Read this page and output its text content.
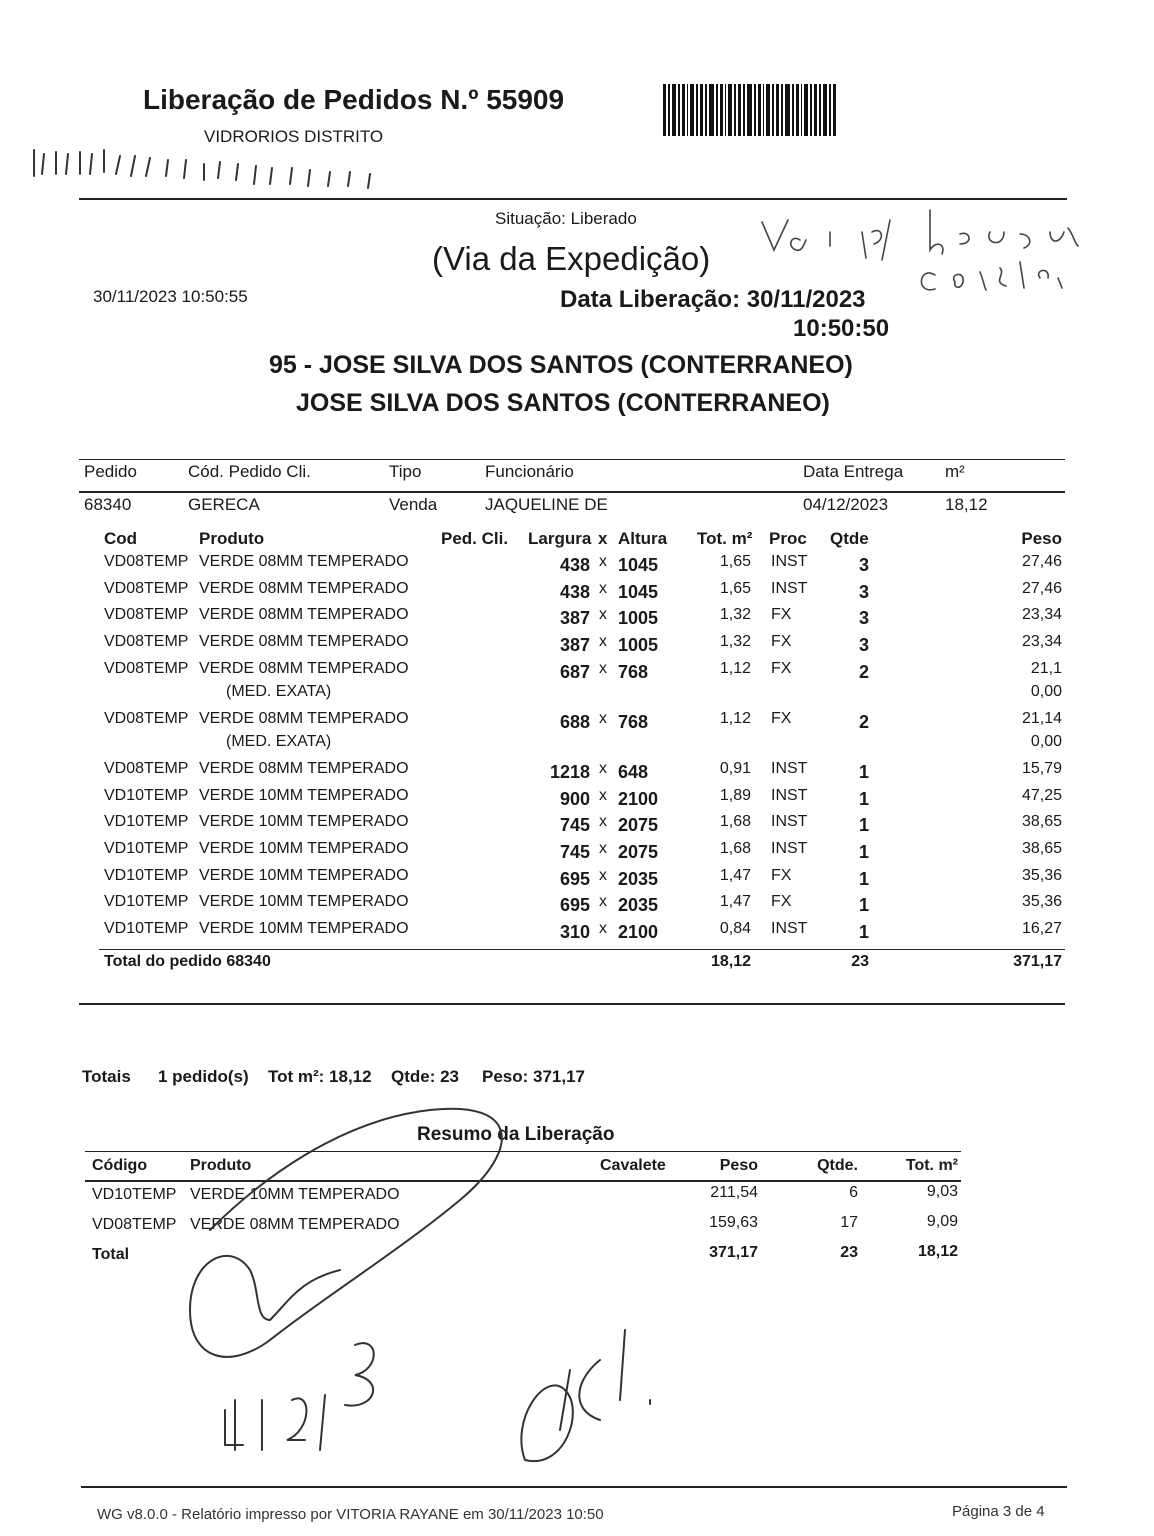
Liberação de Pedidos N.º 55909
VIDRORIOS DISTRITO
Situação: Liberado
(Via da Expedição)
30/11/2023 10:50:55	Data Liberação: 30/11/2023
10:50:50
95 - JOSE SILVA DOS SANTOS (CONTERRANEO)
JOSE SILVA DOS SANTOS (CONTERRANEO)
Pedido	Cód. Pedido Cli.	Tipo	Funcionário	Data Entrega m²
68340	GERECA	Venda	JAQUELINE DE	04/12/2023	18,12
Cod	Produto	Ped. Cli. Largura x Altura Tot. m² Proc Qtde	Peso
VD08TEMP VERDE 08MM TEMPERADO	438 x 1045	1,65 INST	3	27,46
VD08TEMP VERDE 08MM TEMPERADO	438 x 1045	1,65 INST	3	27,46
VD08TEMP VERDE 08MM TEMPERADO	387 x 1005	1,32 FX	3	23,34
VD08TEMP VERDE 08MM TEMPERADO	387 x 1005	1,32 FX	3	23,34
VD08TEMP VERDE 08MM TEMPERADO	687 x 768	1,12 FX	2	21,1
(MED. EXATA)	0,00
VD08TEMP VERDE 08MM TEMPERADO	688 x 768	1,12 FX	2	21,14
(MED. EXATA)	0,00
VD08TEMP VERDE 08MM TEMPERADO	1218 x 648	0,91 INST	1	15,79
VD10TEMP VERDE 10MM TEMPERADO	900 x 2100	1,89 INST	1	47,25
VD10TEMP VERDE 10MM TEMPERADO	745 x 2075	1,68 INST	1	38,65
VD10TEMP VERDE 10MM TEMPERADO	745 x 2075	1,68 INST	1	38,65
VD10TEMP VERDE 10MM TEMPERADO	695 x 2035	1,47 FX	1	35,36
VD10TEMP VERDE 10MM TEMPERADO	695 x 2035	1,47 FX	1	35,36
VD10TEMP VERDE 10MM TEMPERADO	310 x 2100	0,84 INST	1	16,27
Total do pedido 68340	18,12	23	371,17
Totais 1 pedido(s) Tot m²: 18,12 Qtde: 23 Peso: 371,17
Resumo da Liberação
Código	Produto	Cavalete	Peso	Qtde.	Tot. m²
VD10TEMP VERDE 10MM TEMPERADO	211,54	6	9,03
VD08TEMP VERDE 08MM TEMPERADO	159,63	17	9,09
Total	371,17	23	18,12
WG v8.0.0 - Relatório impresso por VITORIA RAYANE em 30/11/2023 10:50	Página 3 de 4
